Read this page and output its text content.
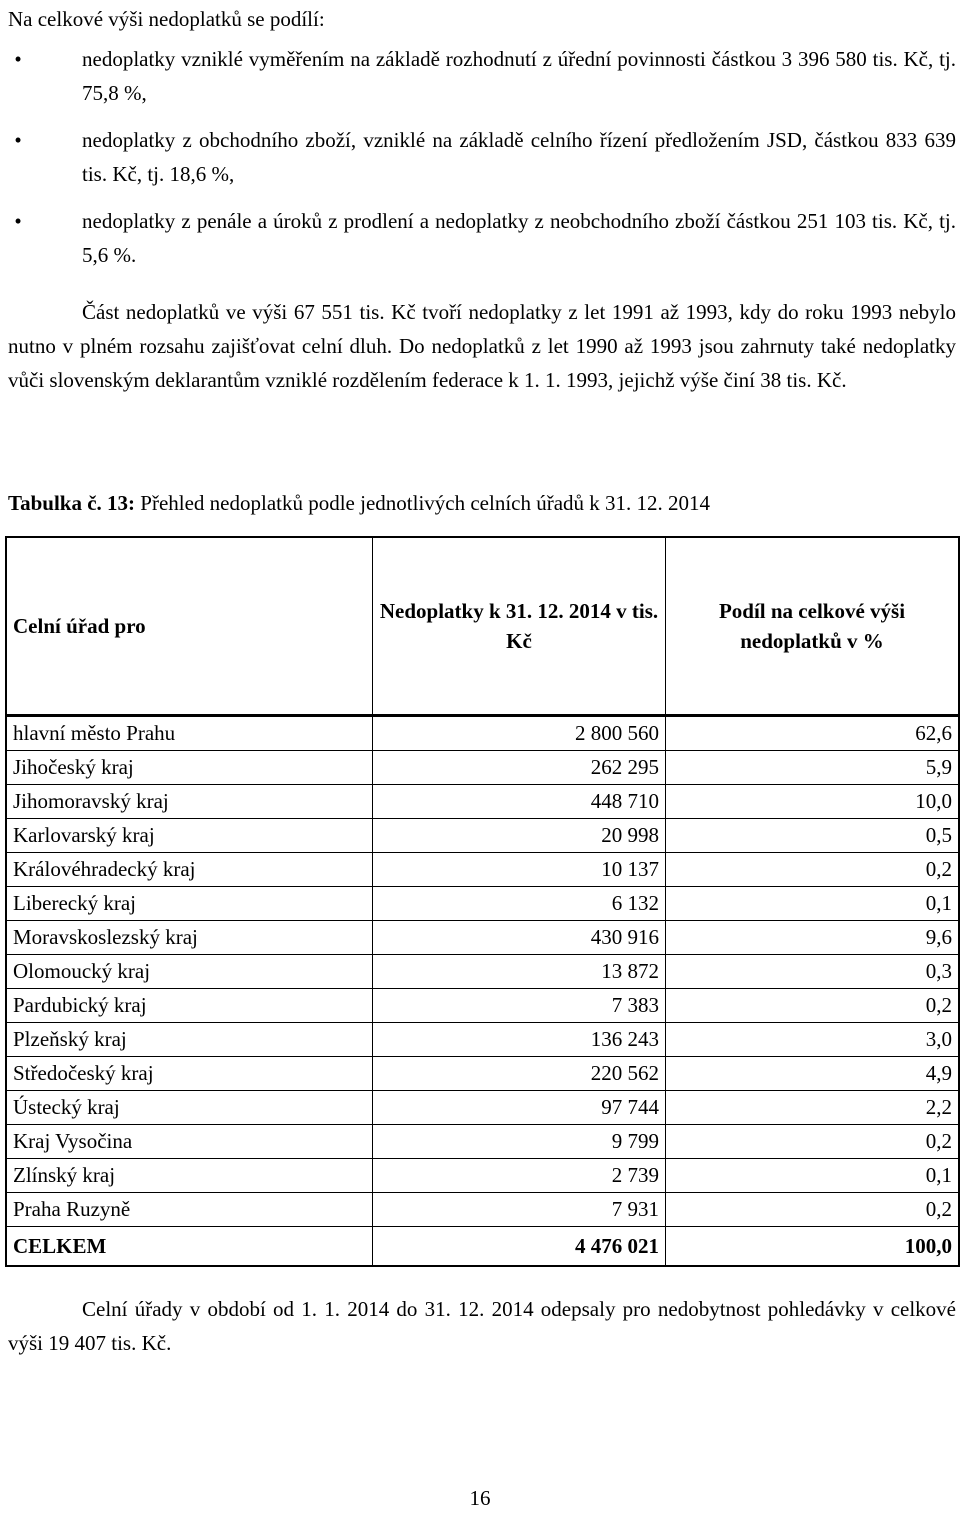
Na celkové výši nedoplatků se podílí:
•	nedoplatky vzniklé vyměřením na základě rozhodnutí z úřední povinnosti částkou 3 396 580 tis. Kč, tj. 75,8 %,
•	nedoplatky z obchodního zboží, vzniklé na základě celního řízení předložením JSD, částkou 833 639 tis. Kč, tj. 18,6 %,
•	nedoplatky z penále a úroků z prodlení a nedoplatky z neobchodního zboží částkou 251 103 tis. Kč, tj. 5,6 %.
Část nedoplatků ve výši 67 551 tis. Kč tvoří nedoplatky z let 1991 až 1993, kdy do roku 1993 nebylo nutno v plném rozsahu zajišťovat celní dluh. Do nedoplatků z let 1990 až 1993 jsou zahrnuty také nedoplatky vůči slovenským deklarantům vzniklé rozdělením federace k 1. 1. 1993, jejichž výše činí 38 tis. Kč.
Tabulka č. 13: Přehled nedoplatků podle jednotlivých celních úřadů k 31. 12. 2014
Celní úřad pro	Nedoplatky k 31. 12. 2014 v tis. Kč	Podíl na celkové výši nedoplatků v %
hlavní město Prahu	2 800 560	62,6
Jihočeský kraj	262 295	5,9
Jihomoravský kraj	448 710	10,0
Karlovarský kraj	20 998	0,5
Královéhradecký kraj	10 137	0,2
Liberecký kraj	6 132	0,1
Moravskoslezský kraj	430 916	9,6
Olomoucký kraj	13 872	0,3
Pardubický kraj	7 383	0,2
Plzeňský kraj	136 243	3,0
Středočeský kraj	220 562	4,9
Ústecký kraj	97 744	2,2
Kraj Vysočina	9 799	0,2
Zlínský kraj	2 739	0,1
Praha Ruzyně	7 931	0,2
CELKEM	4 476 021	100,0
Celní úřady v období od 1. 1. 2014 do 31. 12. 2014 odepsaly pro nedobytnost pohledávky v celkové výši 19 407 tis. Kč.
16
